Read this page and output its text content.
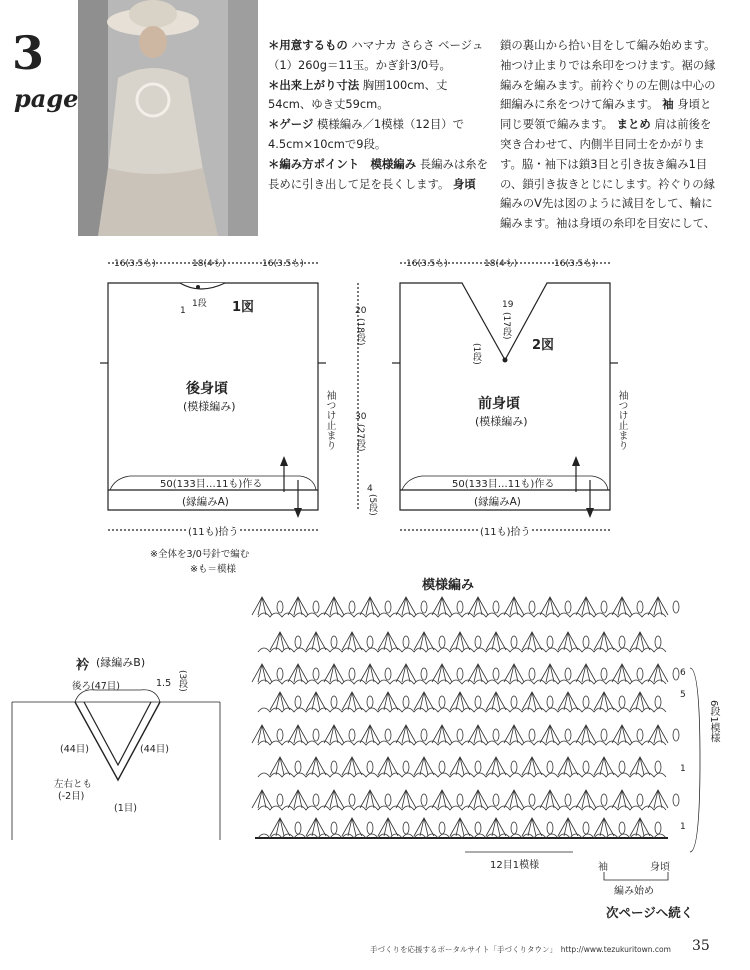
3
page
＊用意するもの ハマナカ さらさ ベージュ（1）260g＝11玉。かぎ針3/0号。
＊出来上がり寸法 胸囲100cm、丈54cm、ゆき丈59cm。
＊ゲージ 模様編み／1模様（12目）で4.5cm×10cmで9段。
＊編み方ポイント　模様編み 長編みは糸を長めに引き出して足を長くします。 身頃
16(3.5も)	18(4も)	16(3.5も)
1
1段 1図
後身頃
(模様編み)	袖つけ止まり
50(133目…11も)作る
(縁編みA)
(11も)拾う
20
(18段)
30
(27段)
4
(5段)
16(3.5も)	18(4も)	16(3.5も)
19
(17段)
(1段)	2図
前身頃
(模様編み)	袖つけ止まり
50(133目…11も)作る
(縁編みA)
(11も)拾う
※全体を3/0号針で編む
※も＝模様
衿 (縁編みB)
後ろ(47目)	1.5 (3段)
(44目)	(44目)
左右とも
(-2目)
(1目)
模様編み
6
5
1
1
6段1模様
12目1模様	袖	身頃
編み始め
鎖の裏山から拾い目をして編み始めます。袖つけ止まりでは糸印をつけます。裾の縁編みを編みます。前衿ぐりの左側は中心の細編みに糸をつけて編みます。 袖 身頃と同じ要領で編みます。 まとめ 肩は前後を突き合わせて、内側半目同士をかがります。脇・袖下は鎖3目と引き抜き編み1目の、鎖引き抜きとじにします。衿ぐりの縁編みのV先は図のように減目をして、輪に編みます。袖は身頃の糸印を目安にして、
次ページへ続く
手づくりを応援するポータルサイト「手づくりタウン」　 http://www.tezukuritown.com 35
